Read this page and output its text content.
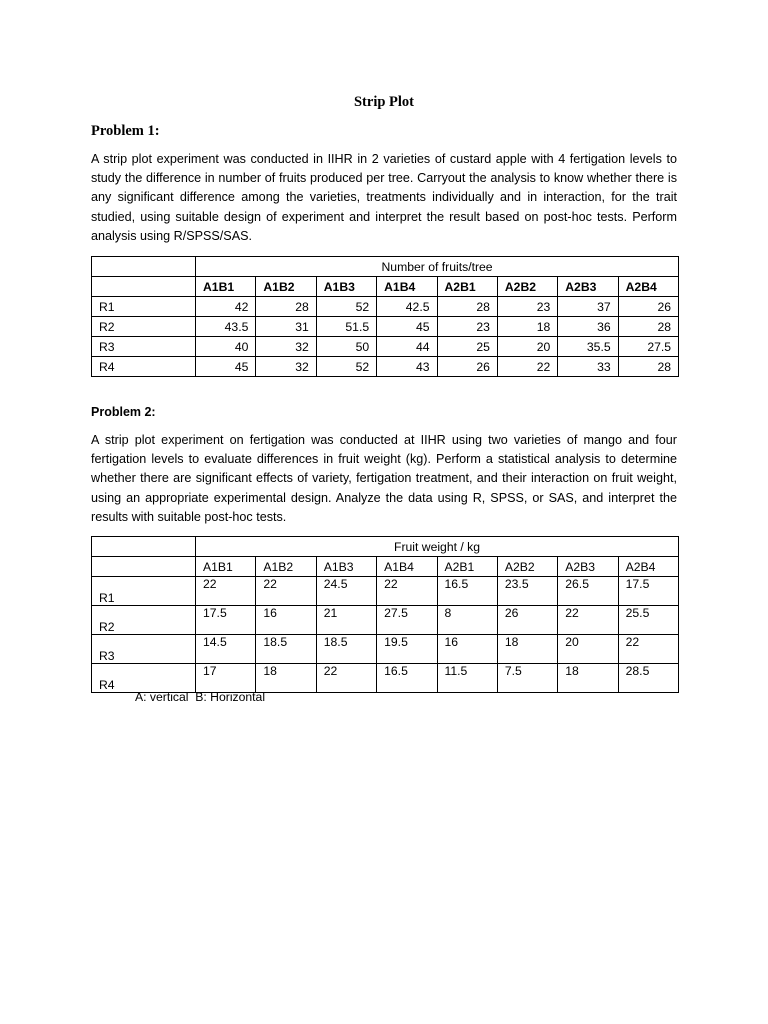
Strip Plot
Problem 1:
A strip plot experiment was conducted in IIHR in 2 varieties of custard apple with 4 fertigation levels to study the difference in number of fruits produced per tree. Carryout the analysis to know whether there is any significant difference among the varieties, treatments individually and in interaction, for the trait studied, using suitable design of experiment and interpret the result based on post-hoc tests. Perform analysis using R/SPSS/SAS.
	Number of fruits/tree							
	A1B1	A1B2	A1B3	A1B4	A2B1	A2B2	A2B3	A2B4
R1	42	28	52	42.5	28	23	37	26
R2	43.5	31	51.5	45	23	18	36	28
R3	40	32	50	44	25	20	35.5	27.5
R4	45	32	52	43	26	22	33	28
Problem 2:
A strip plot experiment on fertigation was conducted at IIHR using two varieties of mango and four fertigation levels to evaluate differences in fruit weight (kg). Perform a statistical analysis to determine whether there are significant effects of variety, fertigation treatment, and their interaction on fruit weight, using an appropriate experimental design. Analyze the data using R, SPSS, or SAS, and interpret the results with suitable post-hoc tests.
	Fruit weight / kg							
	A1B1	A1B2	A1B3	A1B4	A2B1	A2B2	A2B3	A2B4
R1	22	22	24.5	22	16.5	23.5	26.5	17.5
R2	17.5	16	21	27.5	8	26	22	25.5
R3	14.5	18.5	18.5	19.5	16	18	20	22
R4	17	18	22	16.5	11.5	7.5	18	28.5
A: vertical  B: Horizontal
